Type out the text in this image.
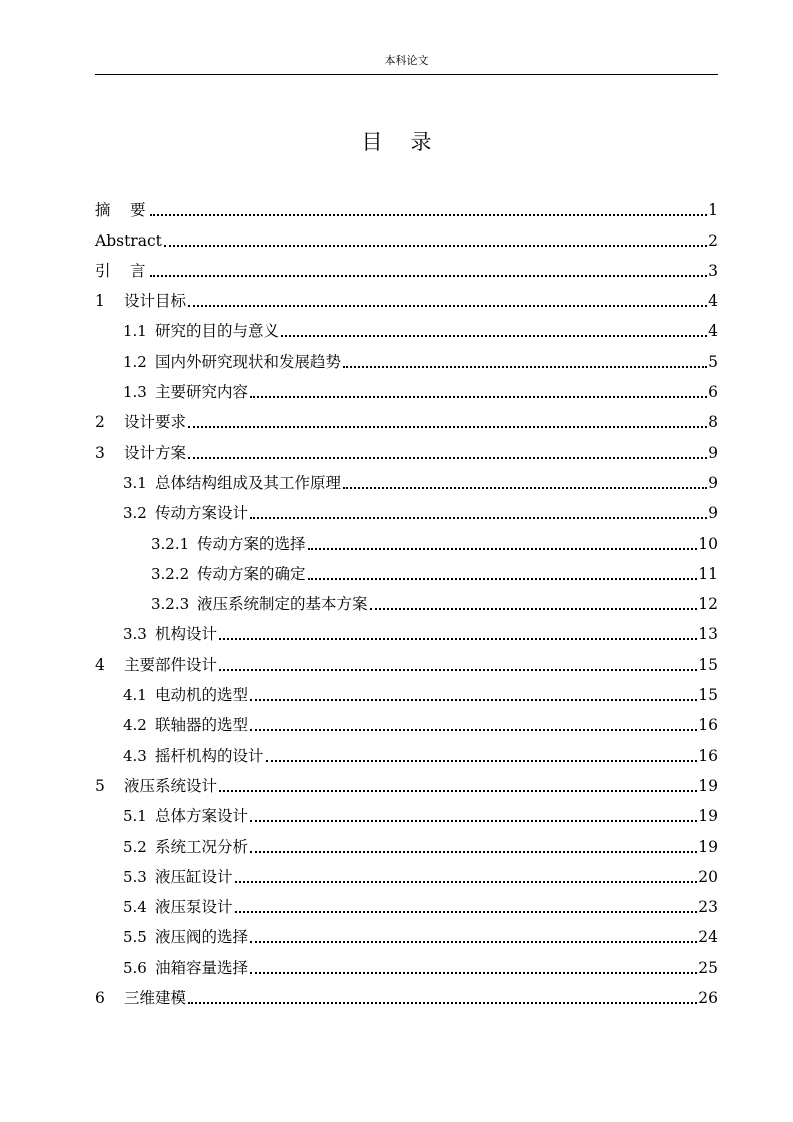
本科论文
目录
摘　要	1
Abstract	2
引　言	3
1	设计目标	4
1.1 研究的目的与意义	4
1.2 国内外研究现状和发展趋势	5
1.3 主要研究内容	6
2	设计要求	8
3	设计方案	9
3.1 总体结构组成及其工作原理	9
3.2 传动方案设计	9
3.2.1 传动方案的选择	10
3.2.2 传动方案的确定	11
3.2.3 液压系统制定的基本方案	12
3.3 机构设计	13
4	主要部件设计	15
4.1 电动机的选型	15
4.2 联轴器的选型	16
4.3 摇杆机构的设计	16
5	液压系统设计	19
5.1 总体方案设计	19
5.2 系统工况分析	19
5.3 液压缸设计	20
5.4 液压泵设计	23
5.5 液压阀的选择	24
5.6 油箱容量选择	25
6	三维建模	26
